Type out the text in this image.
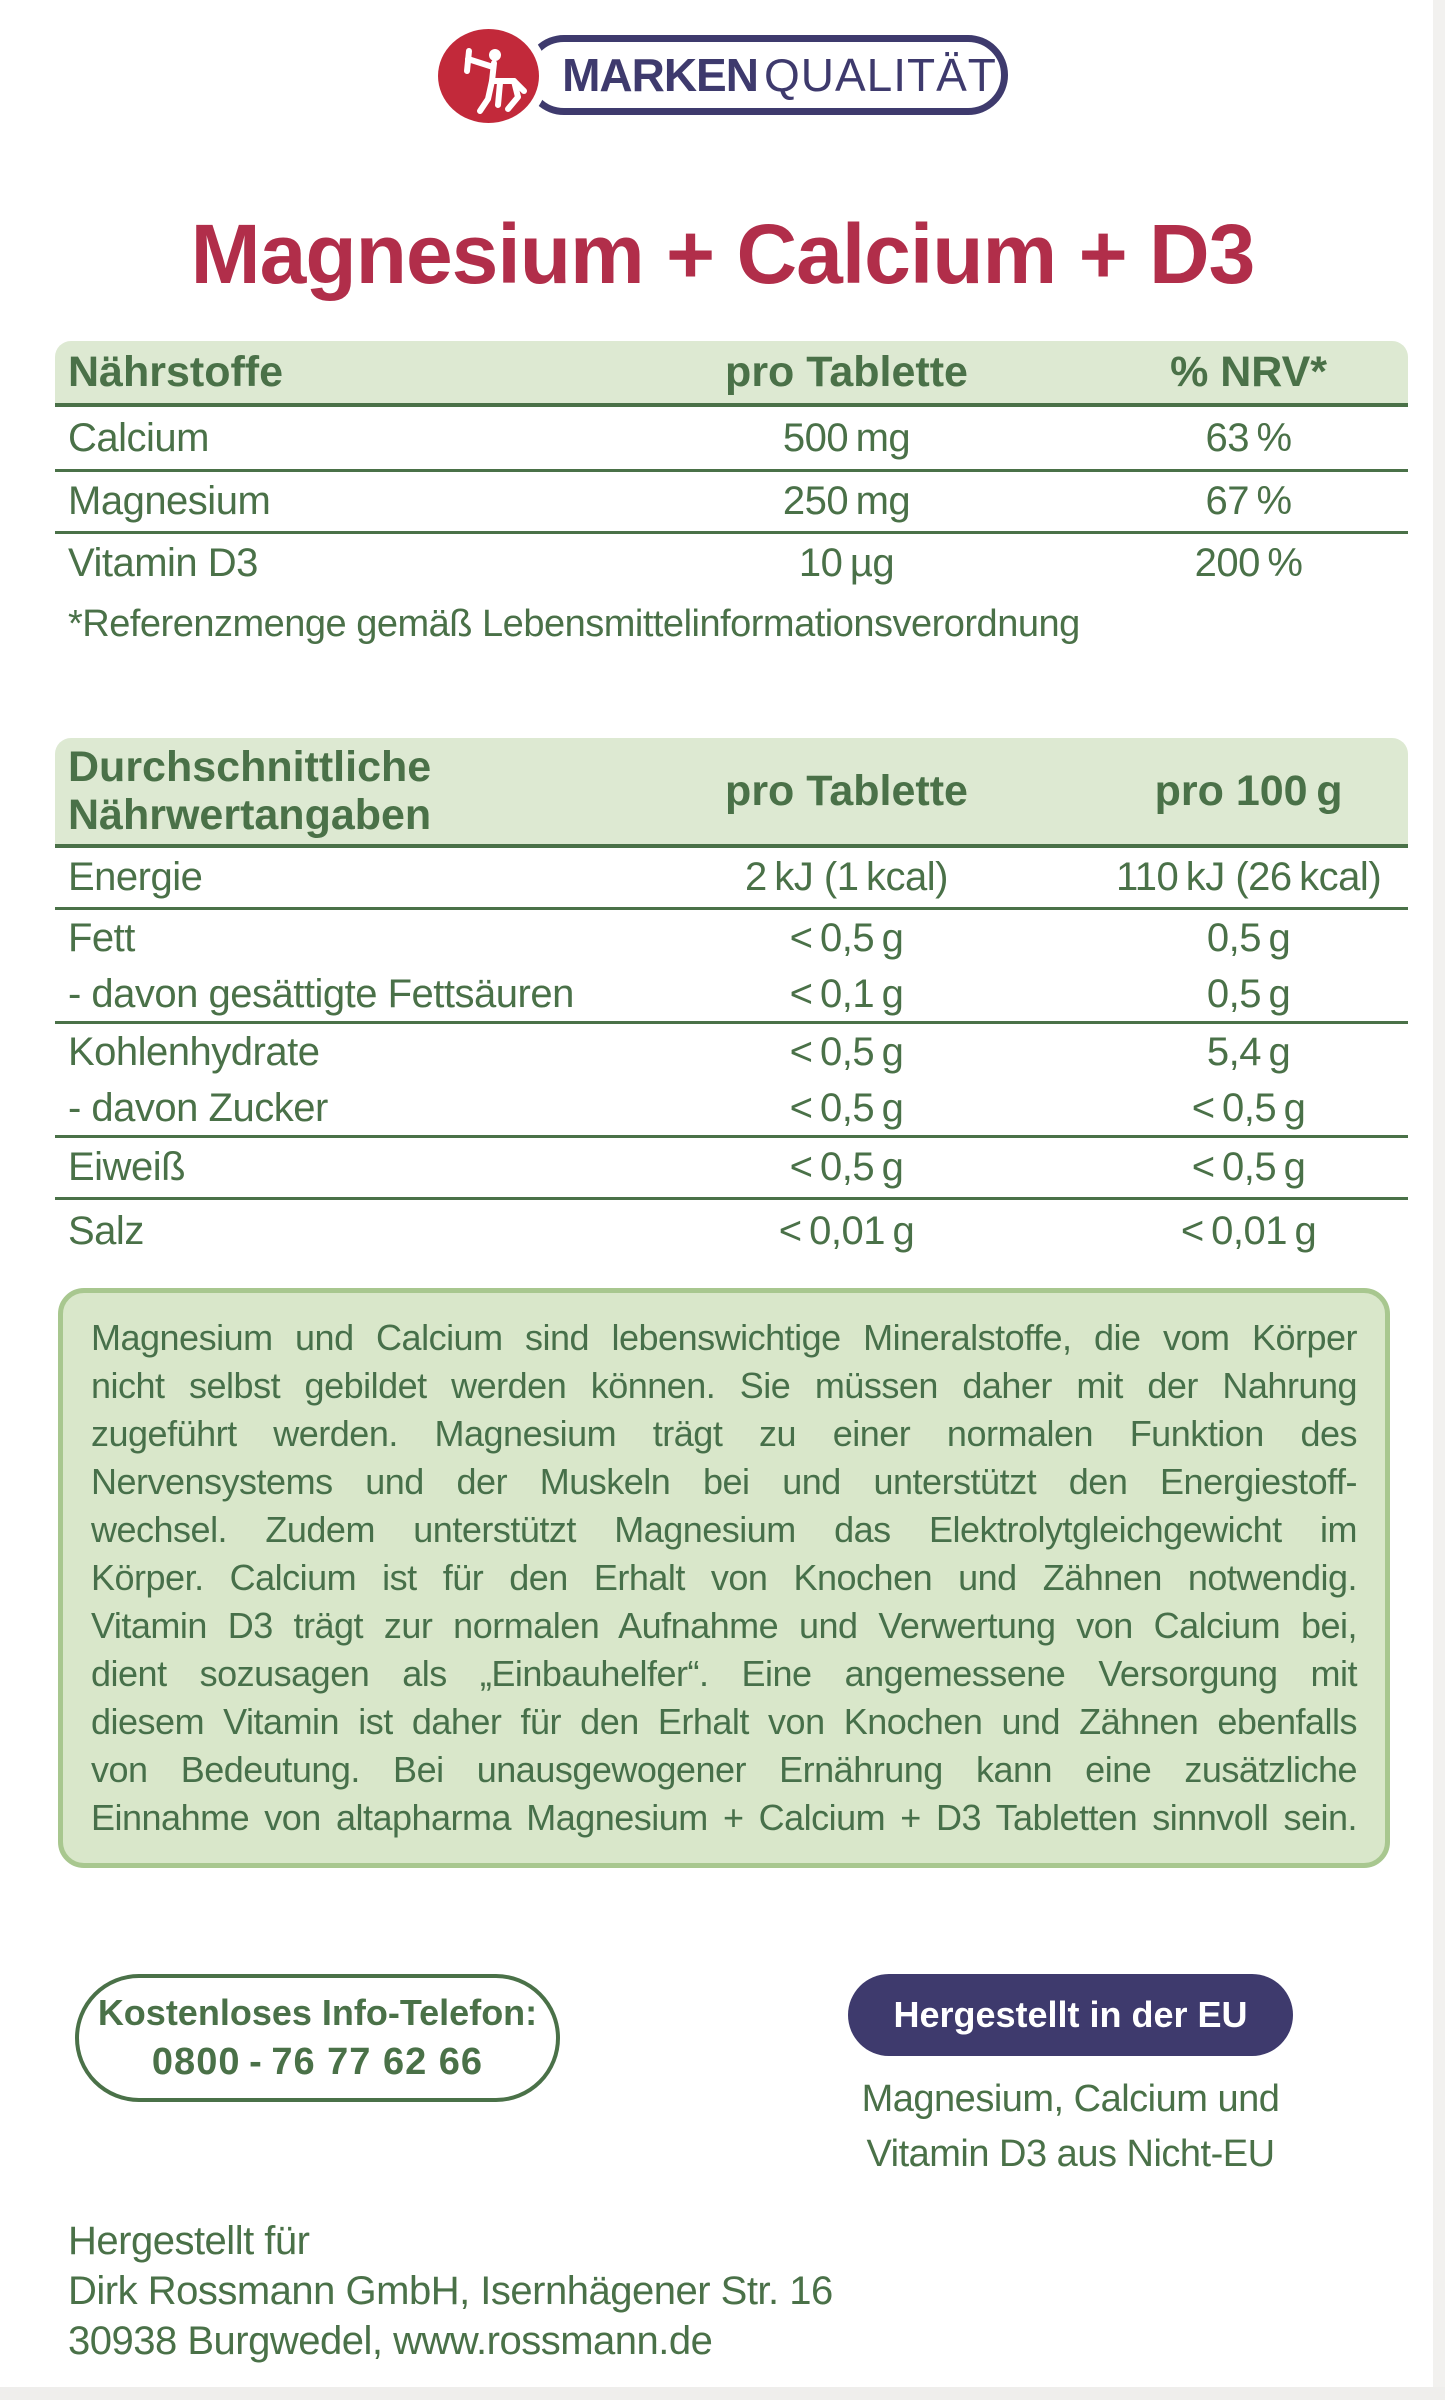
MARKEN QUALITÄT
Magnesium + Calcium + D3
Nährstoffe	pro Tablette	% NRV*
Calcium	500 mg	63 %
Magnesium	250 mg	67 %
Vitamin D3	10 µg	200 %
*Referenzmenge gemäß Lebensmittelinformationsverordnung
Durchschnittliche
Nährwertangaben
pro Tablette	pro 100 g
Energie	2 kJ (1 kcal)	110 kJ (26 kcal)
Fett	< 0,5 g	0,5 g
- davon gesättigte Fettsäuren	< 0,1 g	0,5 g
Kohlenhydrate	< 0,5 g	5,4 g
- davon Zucker	< 0,5 g	< 0,5 g
Eiweiß	< 0,5 g	< 0,5 g
Salz	< 0,01 g	< 0,01 g
Magnesium und Calcium sind lebenswichtige Mineralstoffe, die vom Körper
nicht selbst gebildet werden können. Sie müssen daher mit der Nahrung
zugeführt werden. Magnesium trägt zu einer normalen Funktion des
Nervensystems und der Muskeln bei und unterstützt den Energiestoff-
wechsel. Zudem unterstützt Magnesium das Elektrolytgleichgewicht im
Körper. Calcium ist für den Erhalt von Knochen und Zähnen notwendig.
Vitamin D3 trägt zur normalen Aufnahme und Verwertung von Calcium bei,
dient sozusagen als „Einbauhelfer“. Eine angemessene Versorgung mit
diesem Vitamin ist daher für den Erhalt von Knochen und Zähnen ebenfalls
von Bedeutung. Bei unausgewogener Ernährung kann eine zusätzliche
Einnahme von altapharma Magnesium + Calcium + D3 Tabletten sinnvoll sein.
Kostenloses Info-Telefon:
0800 - 76 77 62 66
Hergestellt in der EU
Magnesium, Calcium und
Vitamin D3 aus Nicht-EU
Hergestellt für
Dirk Rossmann GmbH, Isernhägener Str. 16
30938 Burgwedel, www.rossmann.de
